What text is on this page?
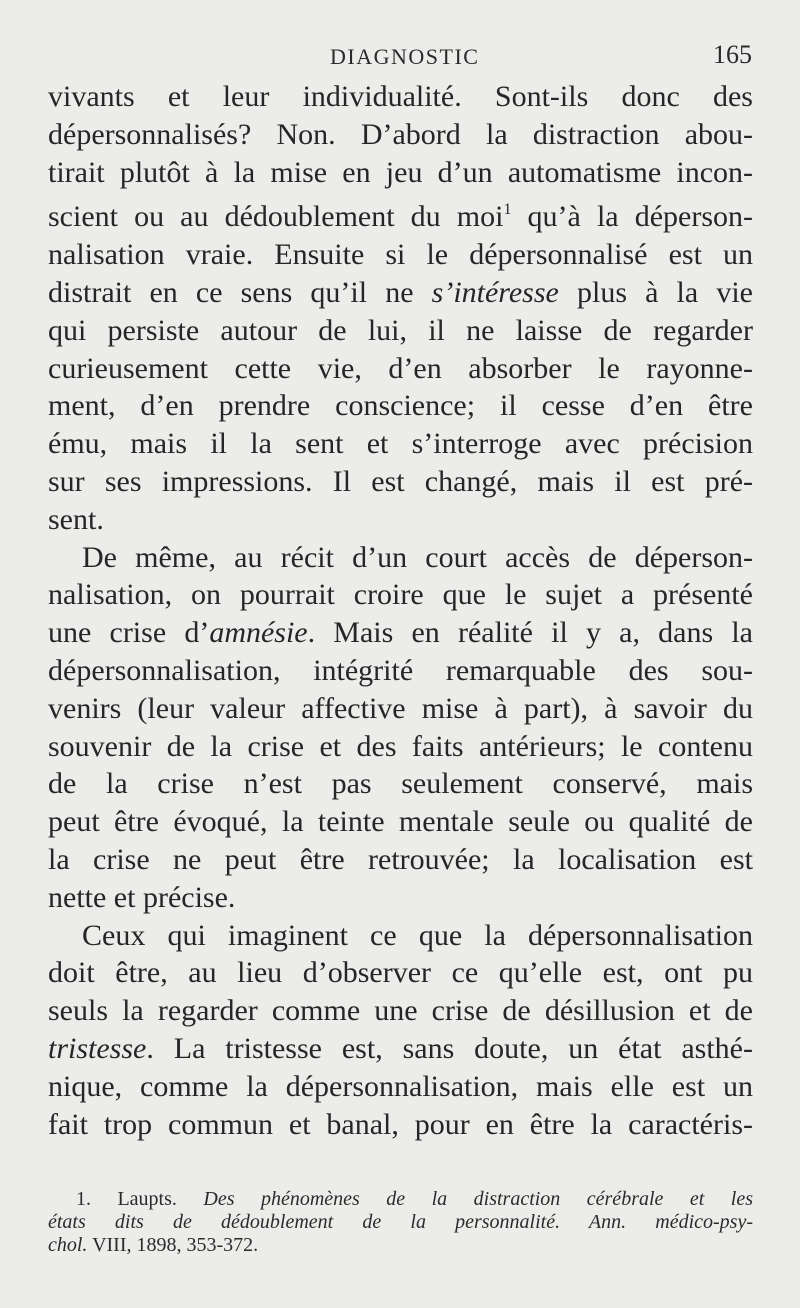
DIAGNOSTIC	165
vivants et leur individualité. Sont-ils donc des
dépersonnalisés? Non. D’abord la distraction abou-
tirait plutôt à la mise en jeu d’un automatisme incon-
scient ou au dédoublement du moi$^1$ qu’à la déperson-
nalisation vraie. Ensuite si le dépersonnalisé est un
distrait en ce sens qu’il ne s’intéresse plus à la vie
qui persiste autour de lui, il ne laisse de regarder
curieusement cette vie, d’en absorber le rayonne-
ment, d’en prendre conscience; il cesse d’en être
ému, mais il la sent et s’interroge avec précision
sur ses impressions. Il est changé, mais il est pré-
sent.
De même, au récit d’un court accès de déperson-
nalisation, on pourrait croire que le sujet a présenté
une crise d’amnésie. Mais en réalité il y a, dans la
dépersonnalisation, intégrité remarquable des sou-
venirs (leur valeur affective mise à part), à savoir du
souvenir de la crise et des faits antérieurs; le contenu
de la crise n’est pas seulement conservé, mais
peut être évoqué, la teinte mentale seule ou qualité de
la crise ne peut être retrouvée; la localisation est
nette et précise.
Ceux qui imaginent ce que la dépersonnalisation
doit être, au lieu d’observer ce qu’elle est, ont pu
seuls la regarder comme une crise de désillusion et de
tristesse. La tristesse est, sans doute, un état asthé-
nique, comme la dépersonnalisation, mais elle est un
fait trop commun et banal, pour en être la caractéris-
1. Laupts. Des phénomènes de la distraction cérébrale et les
états dits de dédoublement de la personnalité. Ann. médico-psy-
chol. VIII, 1898, 353-372.
